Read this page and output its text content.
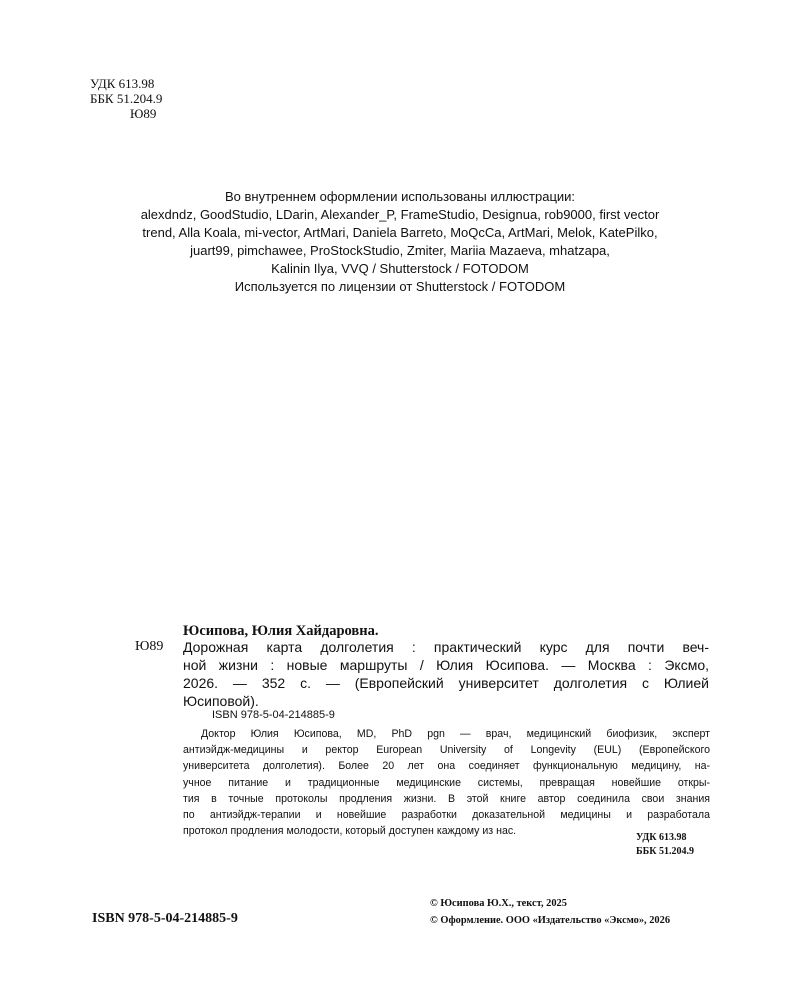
УДК 613.98
ББК 51.204.9
Ю89
Во внутреннем оформлении использованы иллюстрации:
alexdndz, GoodStudio, LDarin, Alexander_P, FrameStudio, Designua, rob9000, first vector
trend, Alla Koala, mi-vector, ArtMari, Daniela Barreto, MoQcCa, ArtMari, Melok, KatePilko,
juart99, pimchawee, ProStockStudio, Zmiter, Mariia Mazaeva, mhatzapa,
Kalinin Ilya, VVQ / Shutterstock / FOTODOM
Используется по лицензии от Shutterstock / FOTODOM
Юсипова, Юлия Хайдаровна.
Ю89 Дорожная карта долголетия : практический курс для почти веч-
ной жизни : новые маршруты / Юлия Юсипова. — Москва : Эксмо,
2026. — 352 с. — (Европейский университет долголетия с Юлией
Юсиповой).
ISBN 978-5-04-214885-9
Доктор Юлия Юсипова, MD, PhD pgn — врач, медицинский биофизик, эксперт
антиэйдж-медицины и ректор European University of Longevity (EUL) (Европейского
университета долголетия). Более 20 лет она соединяет функциональную медицину, на-
учное питание и традиционные медицинские системы, превращая новейшие откры-
тия в точные протоколы продления жизни. В этой книге автор соединила свои знания
по антиэйдж-терапии и новейшие разработки доказательной медицины и разработала
протокол продления молодости, который доступен каждому из нас.
УДК 613.98
ББК 51.204.9
ISBN 978-5-04-214885-9
© Юсипова Ю.Х., текст, 2025
© Оформление. ООО «Издательство «Эксмо», 2026
